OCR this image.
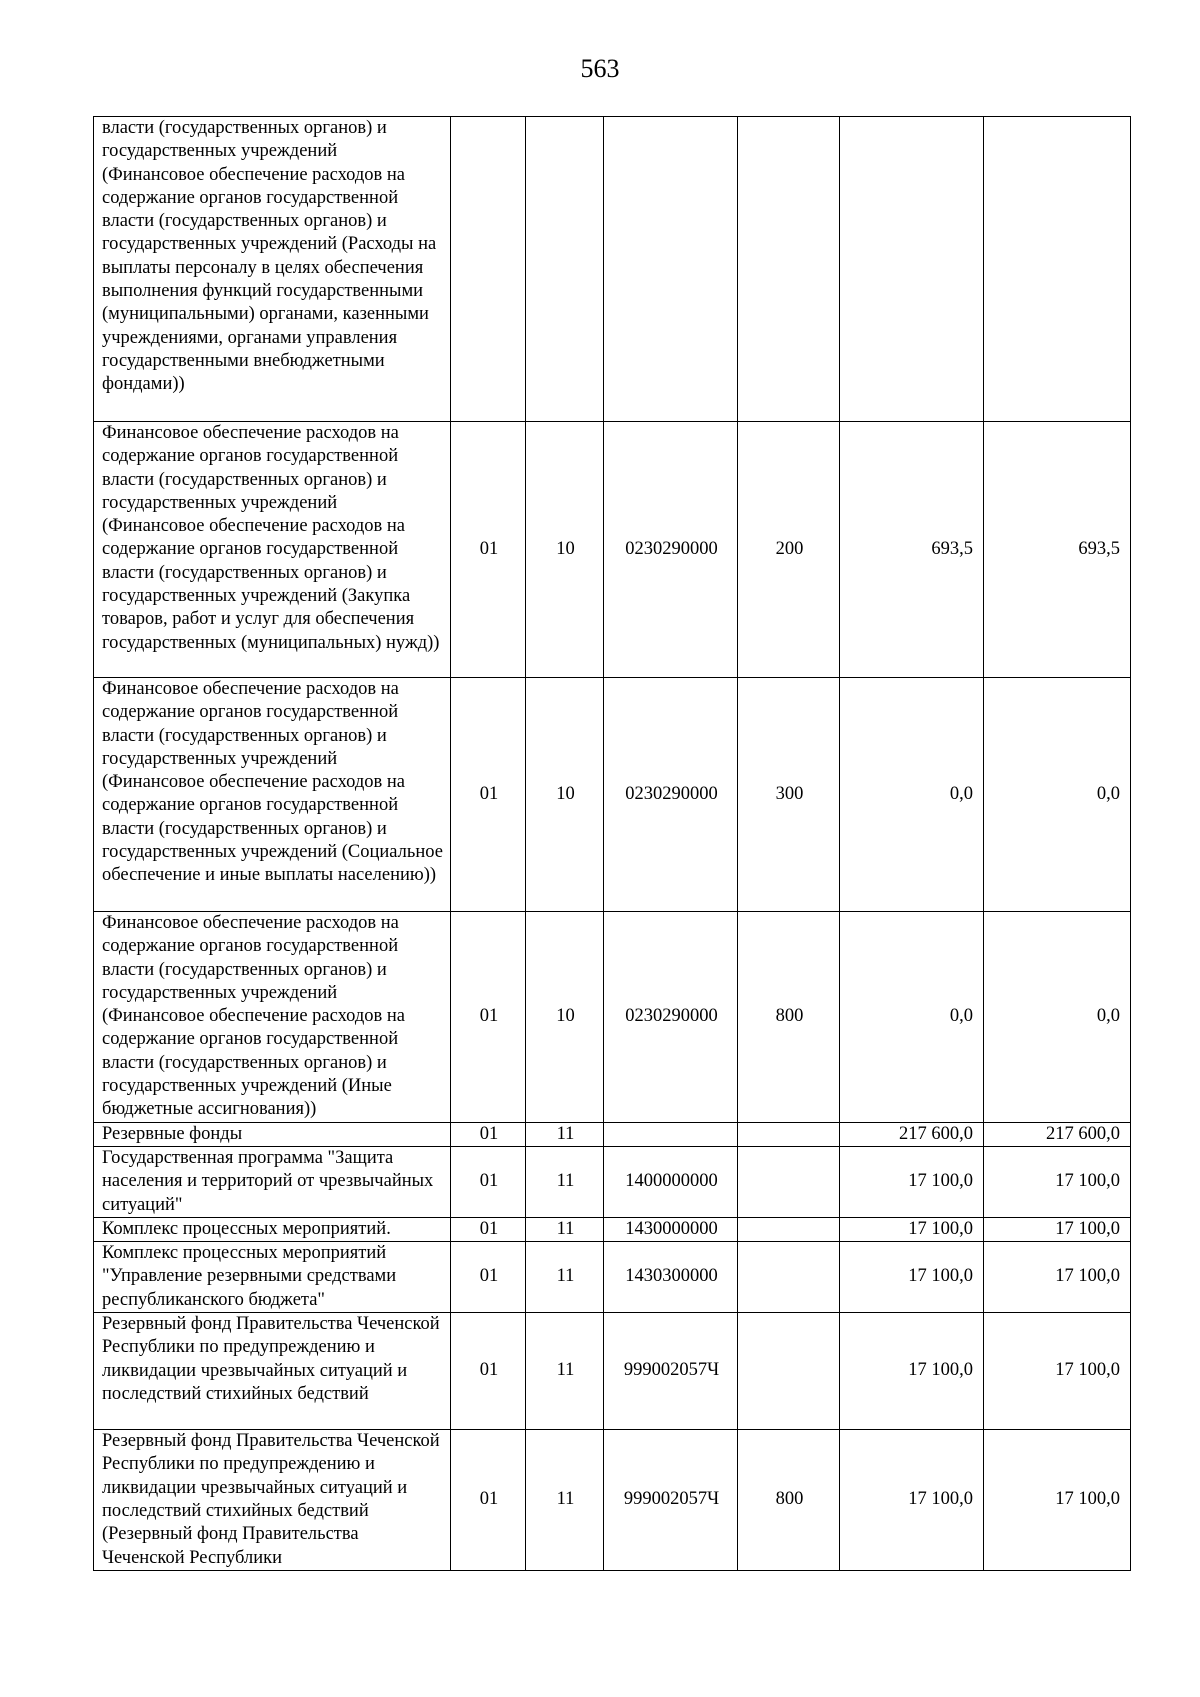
563
власти (государственных органов) и государственных учреждений (Финансовое обеспечение расходов на содержание органов государственной власти (государственных органов) и государственных учреждений (Расходы на выплаты персоналу в целях обеспечения выполнения функций государственными (муниципальными) органами, казенными учреждениями, органами управления государственными внебюджетными фондами))						
Финансовое обеспечение расходов на содержание органов государственной власти (государственных органов) и государственных учреждений (Финансовое обеспечение расходов на содержание органов государственной власти (государственных органов) и государственных учреждений (Закупка товаров, работ и услуг для обеспечения государственных (муниципальных) нужд))	01	10	0230290000	200	693,5	693,5
Финансовое обеспечение расходов на содержание органов государственной власти (государственных органов) и государственных учреждений (Финансовое обеспечение расходов на содержание органов государственной власти (государственных органов) и государственных учреждений (Социальное обеспечение и иные выплаты населению))	01	10	0230290000	300	0,0	0,0
Финансовое обеспечение расходов на содержание органов государственной власти (государственных органов) и государственных учреждений (Финансовое обеспечение расходов на содержание органов государственной власти (государственных органов) и государственных учреждений (Иные бюджетные ассигнования))	01	10	0230290000	800	0,0	0,0
Резервные фонды	01	11			217 600,0	217 600,0
Государственная программа "Защита населения и территорий от чрезвычайных ситуаций"	01	11	1400000000		17 100,0	17 100,0
Комплекс процессных мероприятий.	01	11	1430000000		17 100,0	17 100,0
Комплекс процессных мероприятий "Управление резервными средствами республиканского бюджета"	01	11	1430300000		17 100,0	17 100,0
Резервный фонд Правительства Чеченской Республики по предупреждению и ликвидации чрезвычайных ситуаций и последствий стихийных бедствий	01	11	999002057Ч		17 100,0	17 100,0
Резервный фонд Правительства Чеченской Республики по предупреждению и ликвидации чрезвычайных ситуаций и последствий стихийных бедствий (Резервный фонд Правительства Чеченской Республики	01	11	999002057Ч	800	17 100,0	17 100,0
